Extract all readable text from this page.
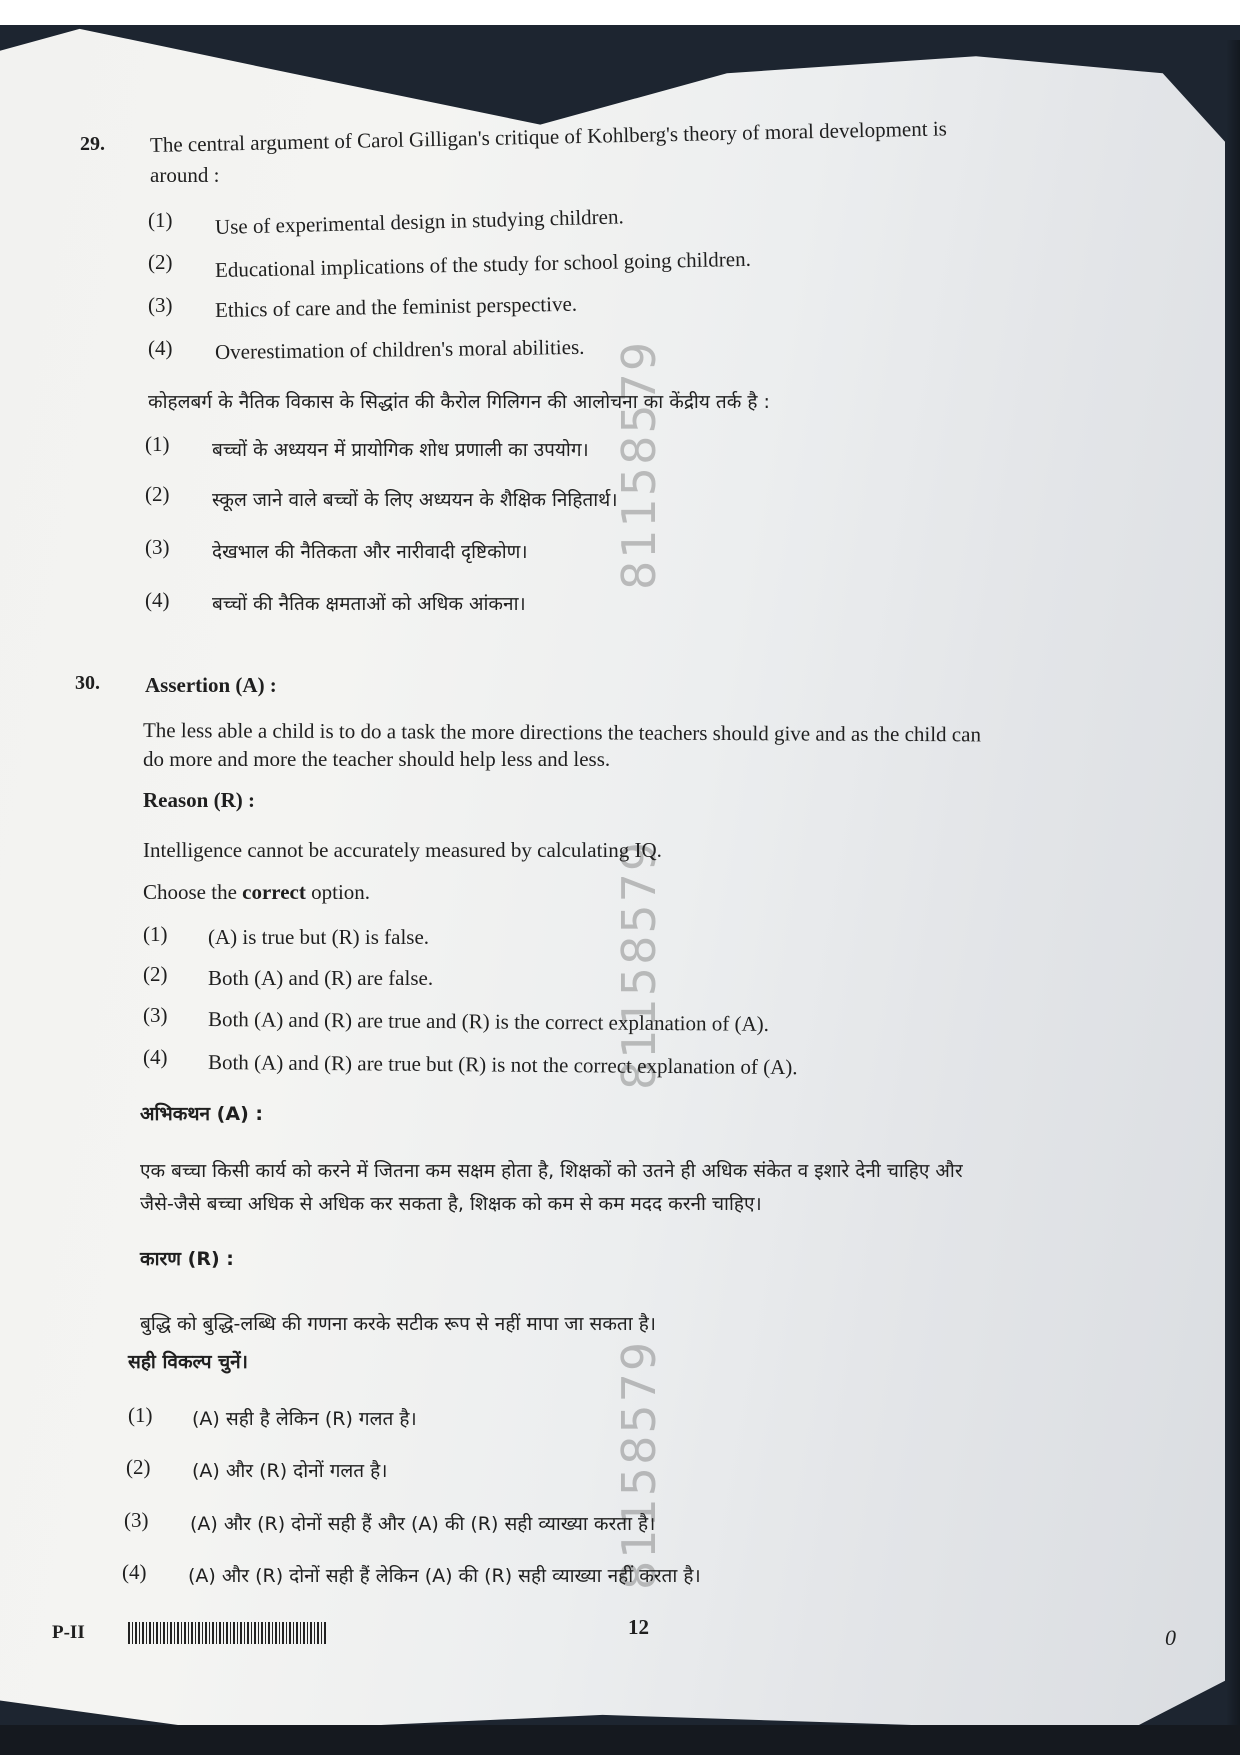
81158579
81158579
81158579
29. The central argument of Carol Gilligan's critique of Kohlberg's theory of moral development is
around :
(1) Use of experimental design in studying children.
(2) Educational implications of the study for school going children.
(3) Ethics of care and the feminist perspective.
(4) Overestimation of children's moral abilities.
कोहलबर्ग के नैतिक विकास के सिद्धांत की कैरोल गिलिगन की आलोचना का केंद्रीय तर्क है :
(1) बच्चों के अध्ययन में प्रायोगिक शोध प्रणाली का उपयोग।
(2) स्कूल जाने वाले बच्चों के लिए अध्ययन के शैक्षिक निहितार्थ।
(3) देखभाल की नैतिकता और नारीवादी दृष्टिकोण।
(4) बच्चों की नैतिक क्षमताओं को अधिक आंकना।
30. Assertion (A) :
The less able a child is to do a task the more directions the teachers should give and as the child can
do more and more the teacher should help less and less.
Reason (R) :
Intelligence cannot be accurately measured by calculating IQ.
Choose the correct option.
(1) (A) is true but (R) is false.
(2) Both (A) and (R) are false.
(3) Both (A) and (R) are true and (R) is the correct explanation of (A).
(4) Both (A) and (R) are true but (R) is not the correct explanation of (A).
अभिकथन (A) :
एक बच्चा किसी कार्य को करने में जितना कम सक्षम होता है, शिक्षकों को उतने ही अधिक संकेत व इशारे देनी चाहिए और
जैसे-जैसे बच्चा अधिक से अधिक कर सकता है, शिक्षक को कम से कम मदद करनी चाहिए।
कारण (R) :
बुद्धि को बुद्धि-लब्धि की गणना करके सटीक रूप से नहीं मापा जा सकता है।
सही विकल्प चुनें।
(1) (A) सही है लेकिन (R) गलत है।
(2) (A) और (R) दोनों गलत है।
(3) (A) और (R) दोनों सही हैं और (A) की (R) सही व्याख्या करता है।
(4) (A) और (R) दोनों सही हैं लेकिन (A) की (R) सही व्याख्या नहीं करता है।
P-II	12	0
